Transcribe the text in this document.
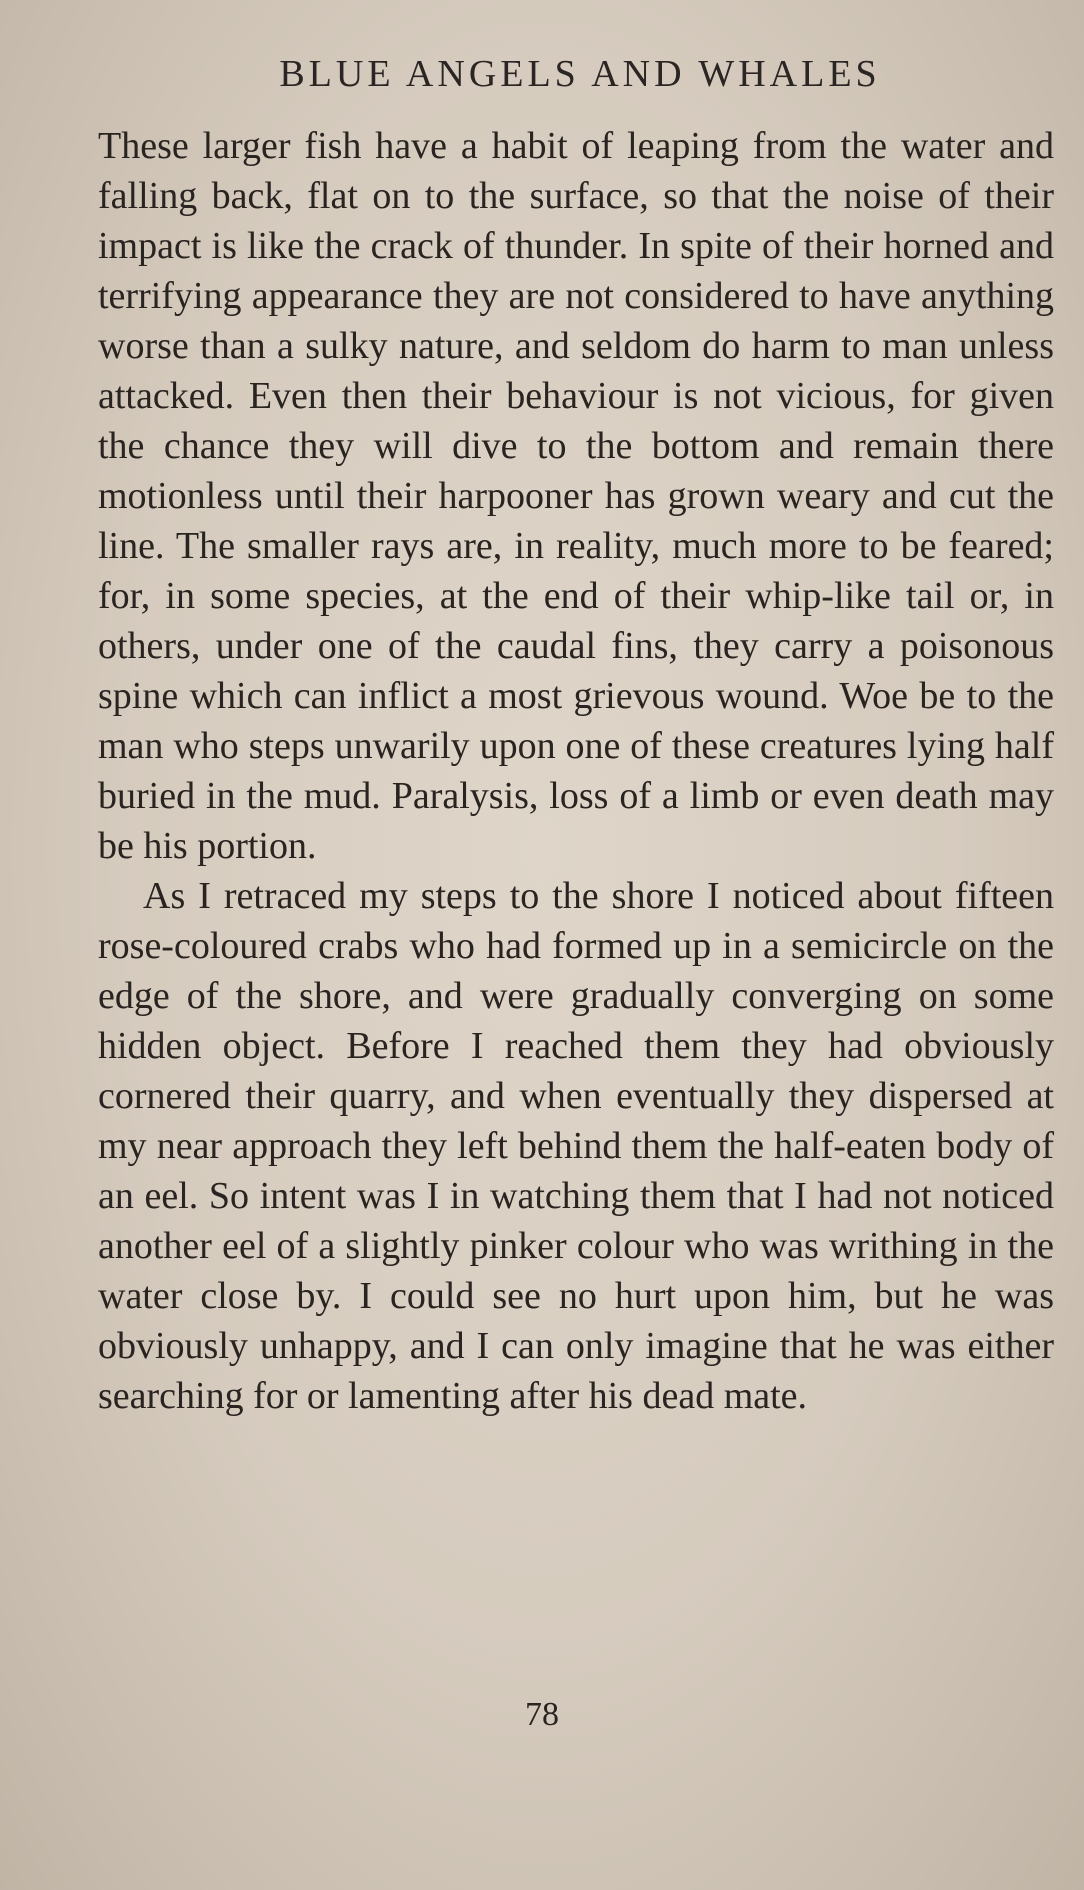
BLUE ANGELS AND WHALES

These larger fish have a habit of leaping from the water and falling back, flat on to the surface, so that the noise of their impact is like the crack of thunder. In spite of their horned and terrifying appearance they are not considered to have anything worse than a sulky nature, and seldom do harm to man unless attacked. Even then their behaviour is not vicious, for given the chance they will dive to the bottom and remain there motionless until their harpooner has grown weary and cut the line. The smaller rays are, in reality, much more to be feared; for, in some species, at the end of their whip-like tail or, in others, under one of the caudal fins, they carry a poisonous spine which can inflict a most grievous wound. Woe be to the man who steps unwarily upon one of these creatures lying half buried in the mud. Paralysis, loss of a limb or even death may be his portion.

As I retraced my steps to the shore I noticed about fifteen rose-coloured crabs who had formed up in a semicircle on the edge of the shore, and were gradually converging on some hidden object. Before I reached them they had obviously cornered their quarry, and when eventually they dispersed at my near approach they left behind them the half-eaten body of an eel. So intent was I in watching them that I had not noticed another eel of a slightly pinker colour who was writhing in the water close by. I could see no hurt upon him, but he was obviously unhappy, and I can only imagine that he was either searching for or lamenting after his dead mate.

78
